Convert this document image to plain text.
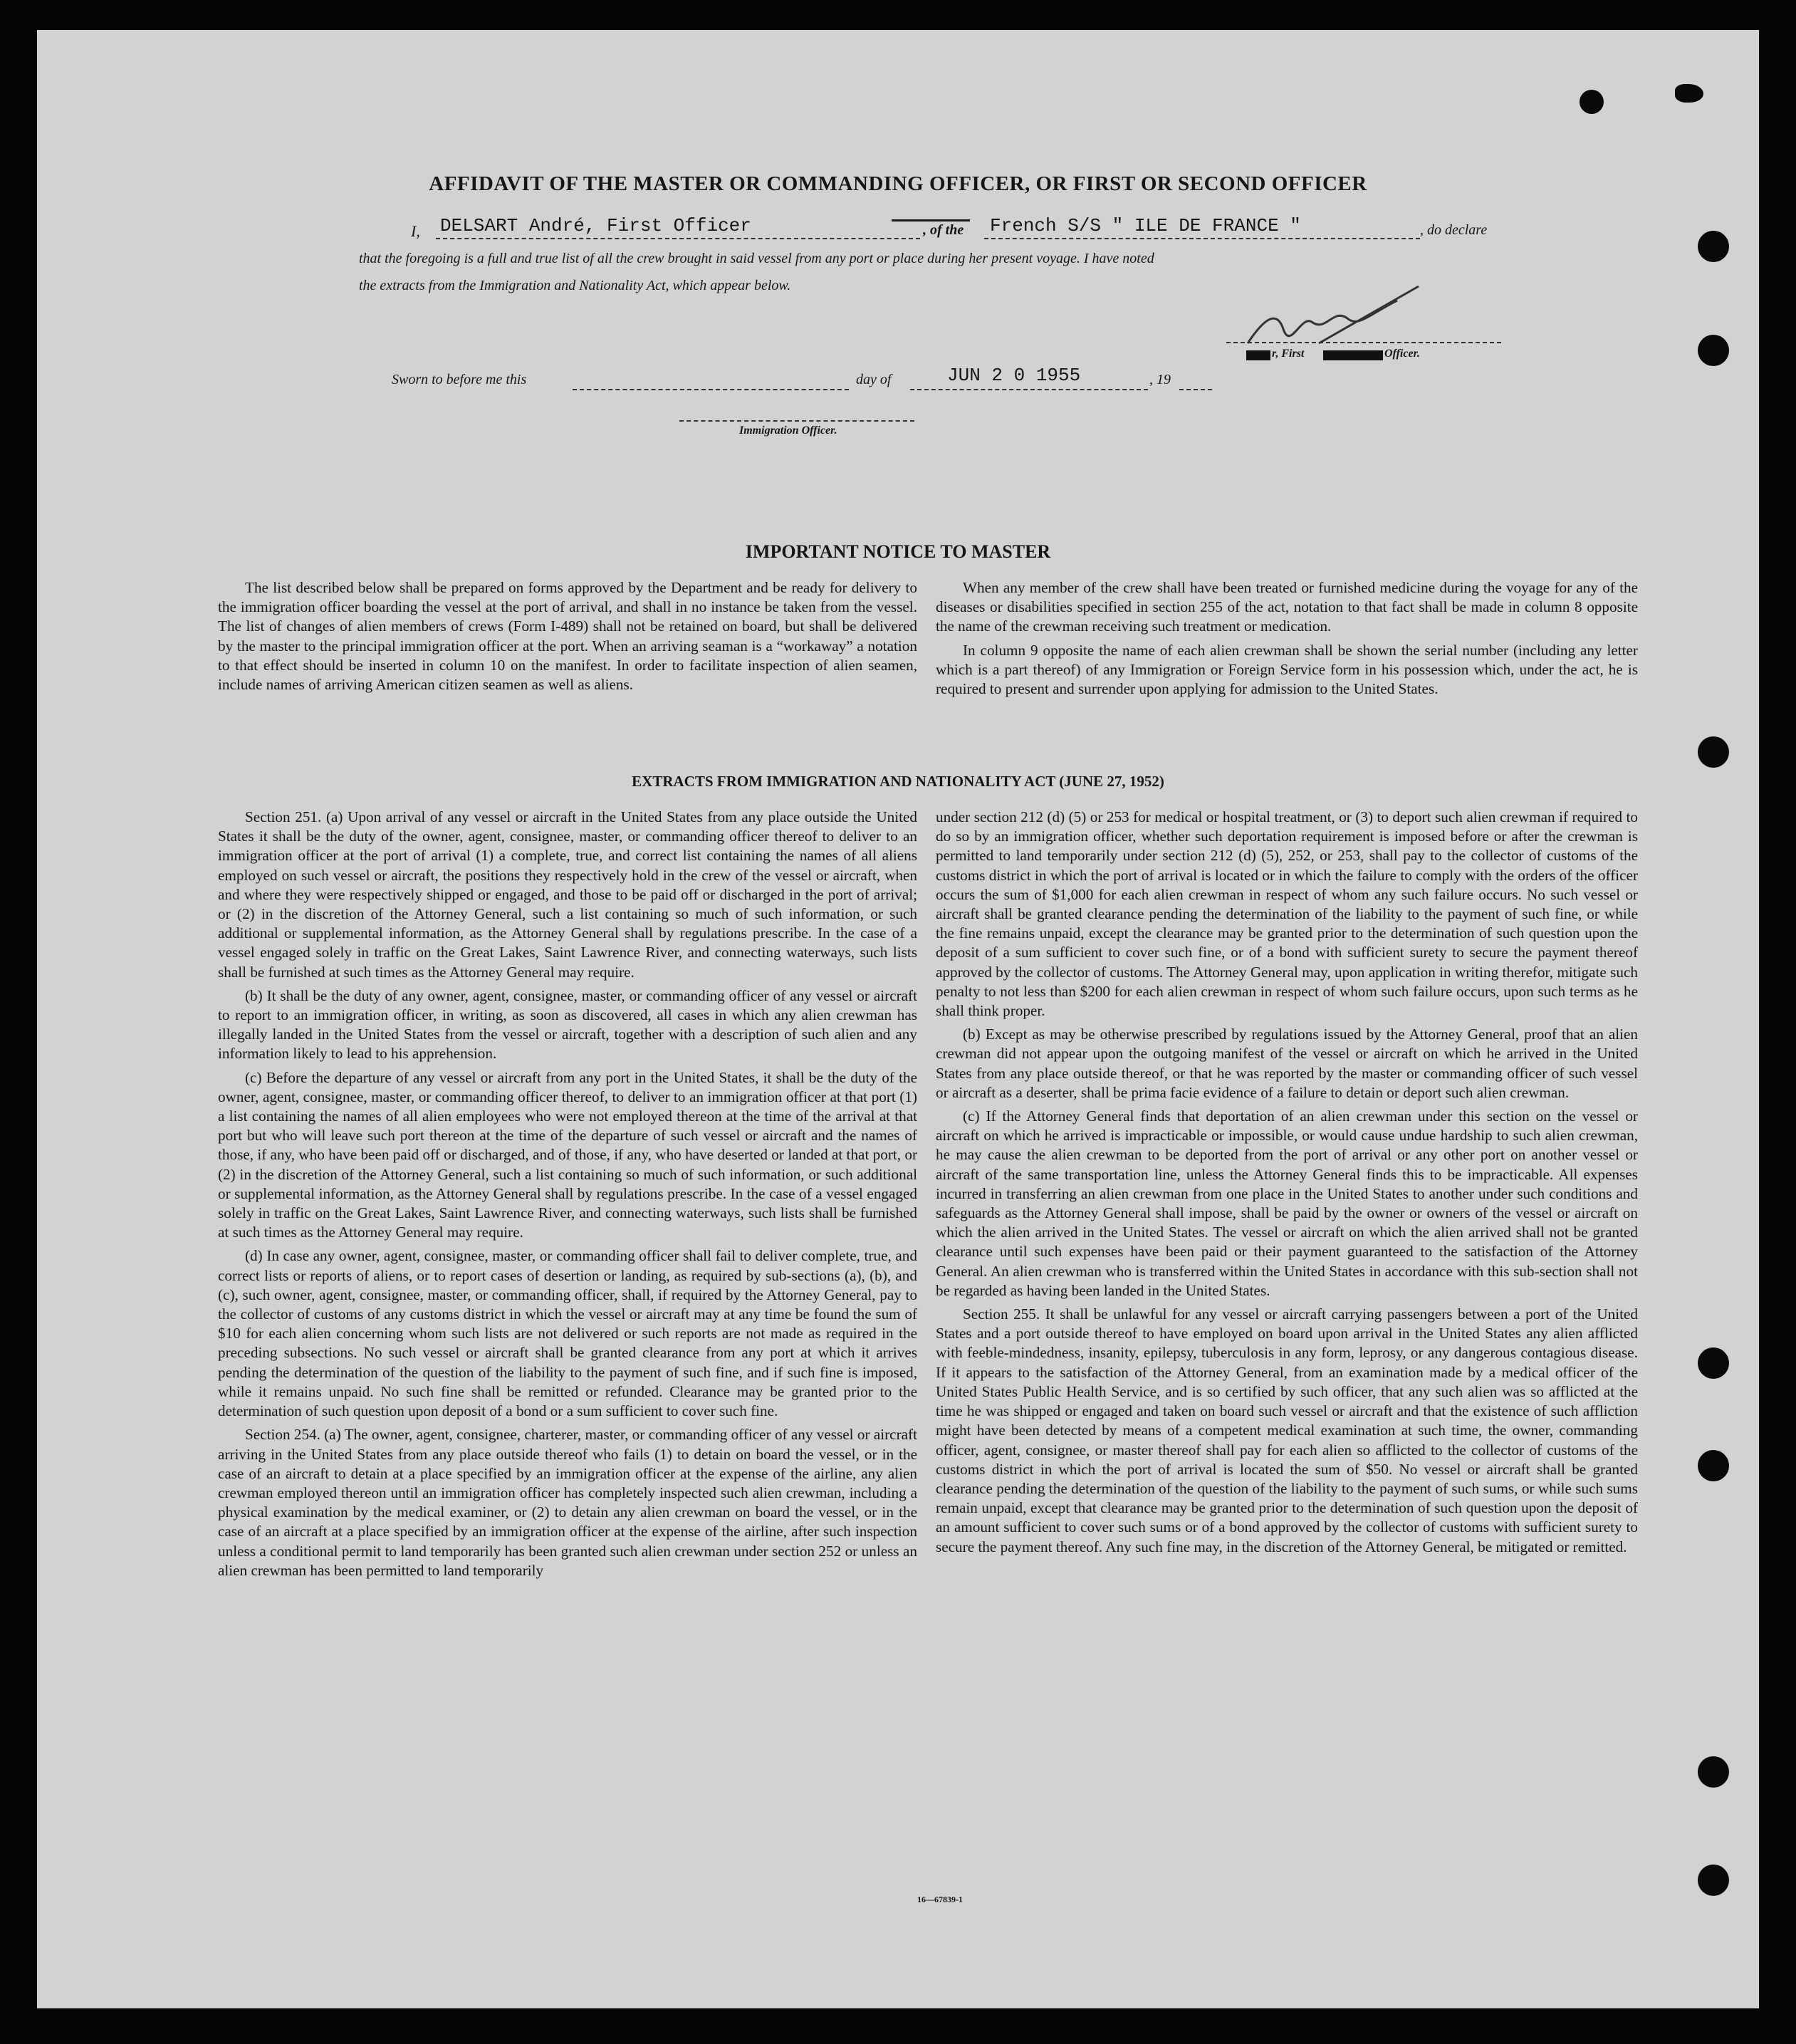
AFFIDAVIT OF THE MASTER OR COMMANDING OFFICER, OR FIRST OR SECOND OFFICER
I, DELSART André, First Officer	, of the French S/S " ILE DE FRANCE "	, do declare
that the foregoing is a full and true list of all the crew brought in said vessel from any port or place during her present voyage. I have noted
the extracts from the Immigration and Nationality Act, which appear below.
r, First	Officer.
Sworn to before me this	day of	JUN 2 0 1955	, 19
Immigration Officer.
IMPORTANT NOTICE TO MASTER

The list described below shall be prepared on forms approved by the Department and be ready for delivery to the immigration officer boarding the vessel at the port of arrival, and shall in no instance be taken from the vessel. The list of changes of alien members of crews (Form I-489) shall not be retained on board, but shall be delivered by the master to the principal immigration officer at the port. When an arriving seaman is a “workaway” a notation to that effect should be inserted in column 10 on the manifest. In order to facilitate inspection of alien seamen, include names of arriving American citizen seamen as well as aliens.

When any member of the crew shall have been treated or furnished medicine during the voyage for any of the diseases or disabilities specified in section 255 of the act, notation to that fact shall be made in column 8 opposite the name of the crewman receiving such treatment or medication.

In column 9 opposite the name of each alien crewman shall be shown the serial number (including any letter which is a part thereof) of any Immigration or Foreign Service form in his possession which, under the act, he is required to present and surrender upon applying for admission to the United States.

EXTRACTS FROM IMMIGRATION AND NATIONALITY ACT (JUNE 27, 1952)

Section 251. (a) Upon arrival of any vessel or aircraft in the United States from any place outside the United States it shall be the duty of the owner, agent, consignee, master, or commanding officer thereof to deliver to an immigration officer at the port of arrival (1) a complete, true, and correct list containing the names of all aliens employed on such vessel or aircraft, the positions they respectively hold in the crew of the vessel or aircraft, when and where they were respectively shipped or engaged, and those to be paid off or discharged in the port of arrival; or (2) in the discretion of the Attorney General, such a list containing so much of such information, or such additional or supplemental information, as the Attorney General shall by regulations prescribe. In the case of a vessel engaged solely in traffic on the Great Lakes, Saint Lawrence River, and connecting waterways, such lists shall be furnished at such times as the Attorney General may require.

(b) It shall be the duty of any owner, agent, consignee, master, or commanding officer of any vessel or aircraft to report to an immigration officer, in writing, as soon as discovered, all cases in which any alien crewman has illegally landed in the United States from the vessel or aircraft, together with a description of such alien and any information likely to lead to his apprehension.

(c) Before the departure of any vessel or aircraft from any port in the United States, it shall be the duty of the owner, agent, consignee, master, or commanding officer thereof, to deliver to an immigration officer at that port (1) a list containing the names of all alien employees who were not employed thereon at the time of the arrival at that port but who will leave such port thereon at the time of the departure of such vessel or aircraft and the names of those, if any, who have been paid off or discharged, and of those, if any, who have deserted or landed at that port, or (2) in the discretion of the Attorney General, such a list containing so much of such information, or such additional or supplemental information, as the Attorney General shall by regulations prescribe. In the case of a vessel engaged solely in traffic on the Great Lakes, Saint Lawrence River, and connecting waterways, such lists shall be furnished at such times as the Attorney General may require.

(d) In case any owner, agent, consignee, master, or commanding officer shall fail to deliver complete, true, and correct lists or reports of aliens, or to report cases of desertion or landing, as required by sub-sections (a), (b), and (c), such owner, agent, consignee, master, or commanding officer, shall, if required by the Attorney General, pay to the collector of customs of any customs district in which the vessel or aircraft may at any time be found the sum of $10 for each alien concerning whom such lists are not delivered or such reports are not made as required in the preceding subsections. No such vessel or aircraft shall be granted clearance from any port at which it arrives pending the determination of the question of the liability to the payment of such fine, and if such fine is imposed, while it remains unpaid. No such fine shall be remitted or refunded. Clearance may be granted prior to the determination of such question upon deposit of a bond or a sum sufficient to cover such fine.

Section 254. (a) The owner, agent, consignee, charterer, master, or commanding officer of any vessel or aircraft arriving in the United States from any place outside thereof who fails (1) to detain on board the vessel, or in the case of an aircraft to detain at a place specified by an immigration officer at the expense of the airline, any alien crewman employed thereon until an immigration officer has completely inspected such alien crewman, including a physical examination by the medical examiner, or (2) to detain any alien crewman on board the vessel, or in the case of an aircraft at a place specified by an immigration officer at the expense of the airline, after such inspection unless a conditional permit to land temporarily has been granted such alien crewman under section 252 or unless an alien crewman has been permitted to land temporarily

under section 212 (d) (5) or 253 for medical or hospital treatment, or (3) to deport such alien crewman if required to do so by an immigration officer, whether such deportation requirement is imposed before or after the crewman is permitted to land temporarily under section 212 (d) (5), 252, or 253, shall pay to the collector of customs of the customs district in which the port of arrival is located or in which the failure to comply with the orders of the officer occurs the sum of $1,000 for each alien crewman in respect of whom any such failure occurs. No such vessel or aircraft shall be granted clearance pending the determination of the liability to the payment of such fine, or while the fine remains unpaid, except the clearance may be granted prior to the determination of such question upon the deposit of a sum sufficient to cover such fine, or of a bond with sufficient surety to secure the payment thereof approved by the collector of customs. The Attorney General may, upon application in writing therefor, mitigate such penalty to not less than $200 for each alien crewman in respect of whom such failure occurs, upon such terms as he shall think proper.

(b) Except as may be otherwise prescribed by regulations issued by the Attorney General, proof that an alien crewman did not appear upon the outgoing manifest of the vessel or aircraft on which he arrived in the United States from any place outside thereof, or that he was reported by the master or commanding officer of such vessel or aircraft as a deserter, shall be prima facie evidence of a failure to detain or deport such alien crewman.

(c) If the Attorney General finds that deportation of an alien crewman under this section on the vessel or aircraft on which he arrived is impracticable or impossible, or would cause undue hardship to such alien crewman, he may cause the alien crewman to be deported from the port of arrival or any other port on another vessel or aircraft of the same transportation line, unless the Attorney General finds this to be impracticable. All expenses incurred in transferring an alien crewman from one place in the United States to another under such conditions and safeguards as the Attorney General shall impose, shall be paid by the owner or owners of the vessel or aircraft on which the alien arrived in the United States. The vessel or aircraft on which the alien arrived shall not be granted clearance until such expenses have been paid or their payment guaranteed to the satisfaction of the Attorney General. An alien crewman who is transferred within the United States in accordance with this sub-section shall not be regarded as having been landed in the United States.

Section 255. It shall be unlawful for any vessel or aircraft carrying passengers between a port of the United States and a port outside thereof to have employed on board upon arrival in the United States any alien afflicted with feeble-mindedness, insanity, epilepsy, tuberculosis in any form, leprosy, or any dangerous contagious disease. If it appears to the satisfaction of the Attorney General, from an examination made by a medical officer of the United States Public Health Service, and is so certified by such officer, that any such alien was so afflicted at the time he was shipped or engaged and taken on board such vessel or aircraft and that the existence of such affliction might have been detected by means of a competent medical examination at such time, the owner, commanding officer, agent, consignee, or master thereof shall pay for each alien so afflicted to the collector of customs of the customs district in which the port of arrival is located the sum of $50. No vessel or aircraft shall be granted clearance pending the determination of the question of the liability to the payment of such sums, or while such sums remain unpaid, except that clearance may be granted prior to the determination of such question upon the deposit of an amount sufficient to cover such sums or of a bond approved by the collector of customs with sufficient surety to secure the payment thereof. Any such fine may, in the discretion of the Attorney General, be mitigated or remitted.

16—67839-1
